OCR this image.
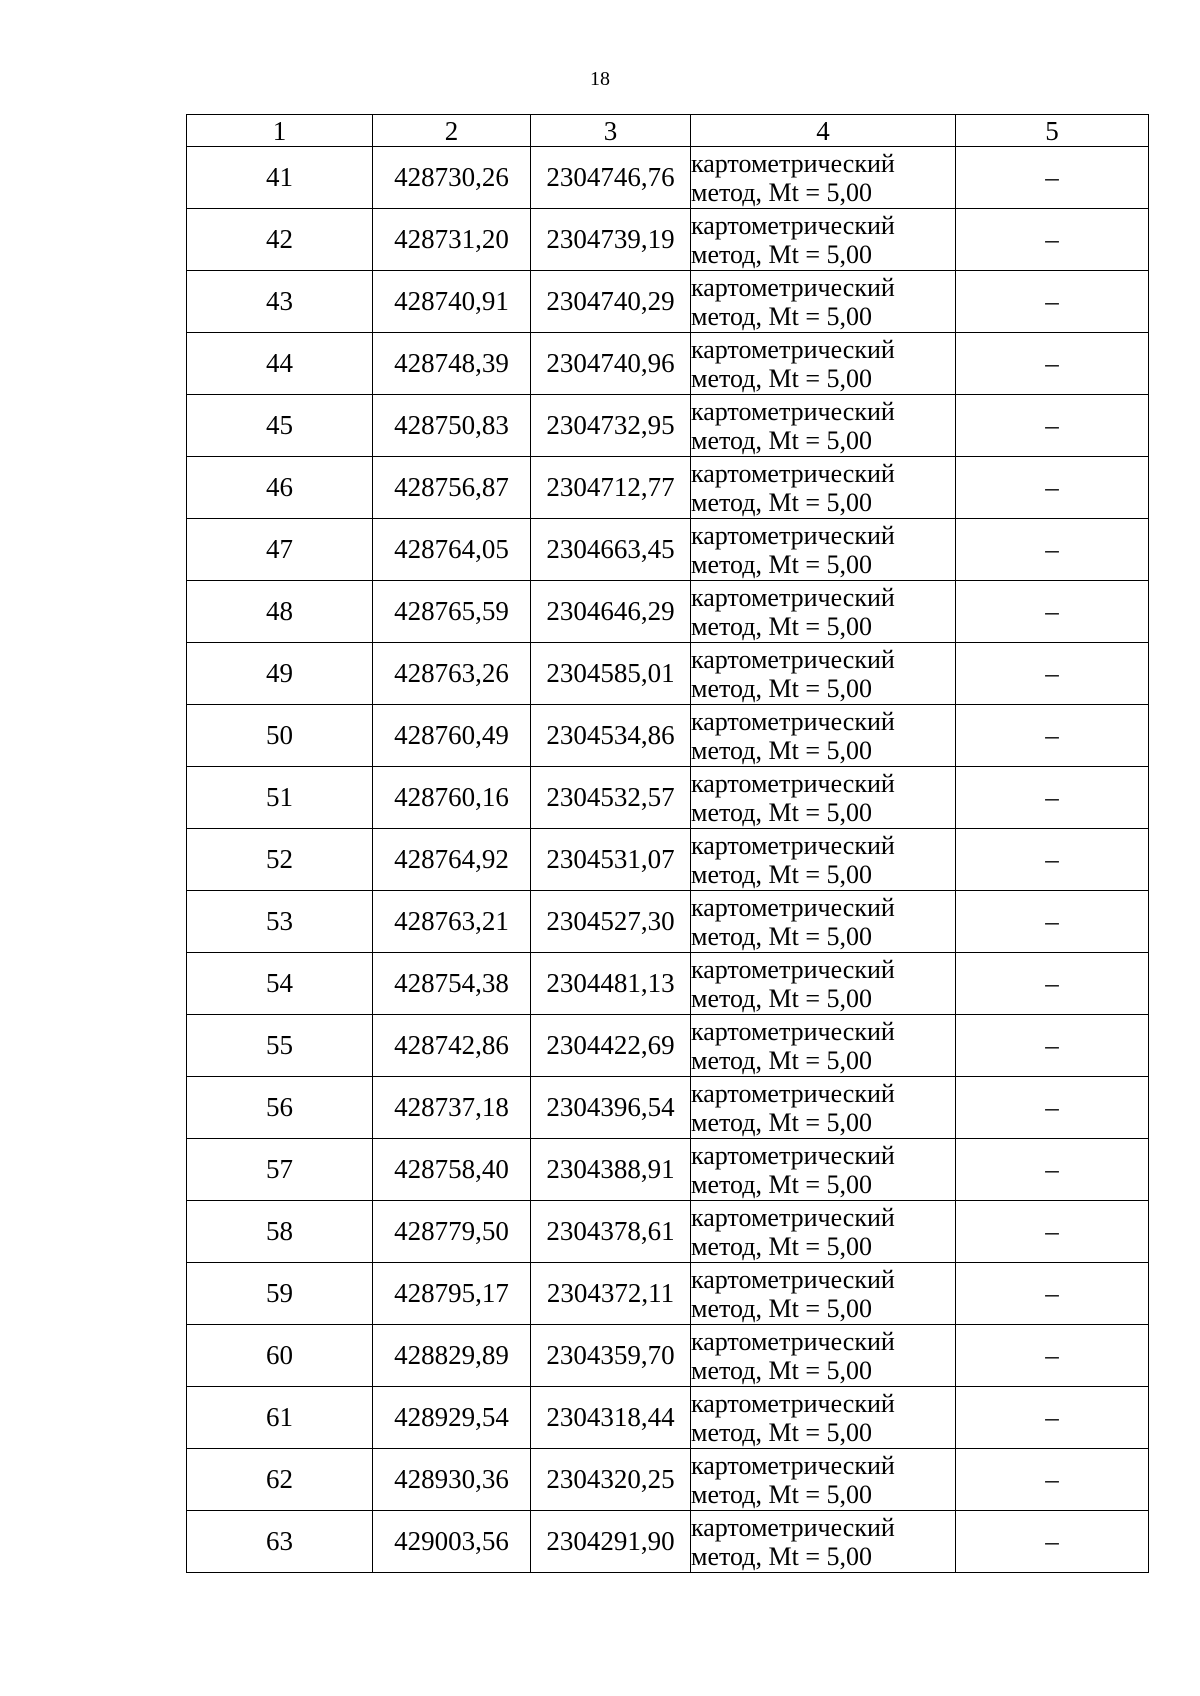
18
1	2	3	4	5
41	428730,26	2304746,76	картометрический
метод, Mt = 5,00	–
42	428731,20	2304739,19	картометрический
метод, Mt = 5,00	–
43	428740,91	2304740,29	картометрический
метод, Mt = 5,00	–
44	428748,39	2304740,96	картометрический
метод, Mt = 5,00	–
45	428750,83	2304732,95	картометрический
метод, Mt = 5,00	–
46	428756,87	2304712,77	картометрический
метод, Mt = 5,00	–
47	428764,05	2304663,45	картометрический
метод, Mt = 5,00	–
48	428765,59	2304646,29	картометрический
метод, Mt = 5,00	–
49	428763,26	2304585,01	картометрический
метод, Mt = 5,00	–
50	428760,49	2304534,86	картометрический
метод, Mt = 5,00	–
51	428760,16	2304532,57	картометрический
метод, Mt = 5,00	–
52	428764,92	2304531,07	картометрический
метод, Mt = 5,00	–
53	428763,21	2304527,30	картометрический
метод, Mt = 5,00	–
54	428754,38	2304481,13	картометрический
метод, Mt = 5,00	–
55	428742,86	2304422,69	картометрический
метод, Mt = 5,00	–
56	428737,18	2304396,54	картометрический
метод, Mt = 5,00	–
57	428758,40	2304388,91	картометрический
метод, Mt = 5,00	–
58	428779,50	2304378,61	картометрический
метод, Mt = 5,00	–
59	428795,17	2304372,11	картометрический
метод, Mt = 5,00	–
60	428829,89	2304359,70	картометрический
метод, Mt = 5,00	–
61	428929,54	2304318,44	картометрический
метод, Mt = 5,00	–
62	428930,36	2304320,25	картометрический
метод, Mt = 5,00	–
63	429003,56	2304291,90	картометрический
метод, Mt = 5,00	–
